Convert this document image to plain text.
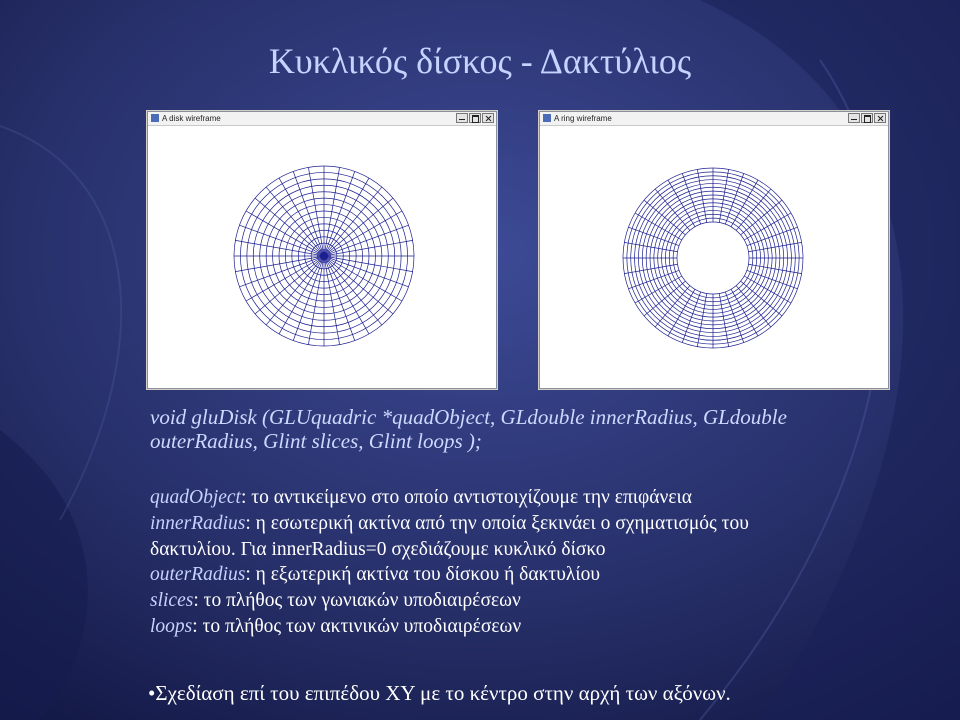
Κυκλικός δίσκος - Δακτύλιος
A disk wireframe	A ring wireframe
void gluDisk (GLUquadric *quadObject, GLdouble innerRadius, GLdouble
outerRadius, Glint slices, Glint loops );
quadObject: το αντικείμενο στο οποίο αντιστοιχίζουμε την επιφάνεια
innerRadius: η εσωτερική ακτίνα από την οποία ξεκινάει ο σχηματισμός του
δακτυλίου. Για innerRadius=0 σχεδιάζουμε κυκλικό δίσκο
outerRadius: η εξωτερική ακτίνα του δίσκου ή δακτυλίου
slices: το πλήθος των γωνιακών υποδιαιρέσεων
loops: το πλήθος των ακτινικών υποδιαιρέσεων
•Σχεδίαση επί του επιπέδου XY με το κέντρο στην αρχή των αξόνων.
